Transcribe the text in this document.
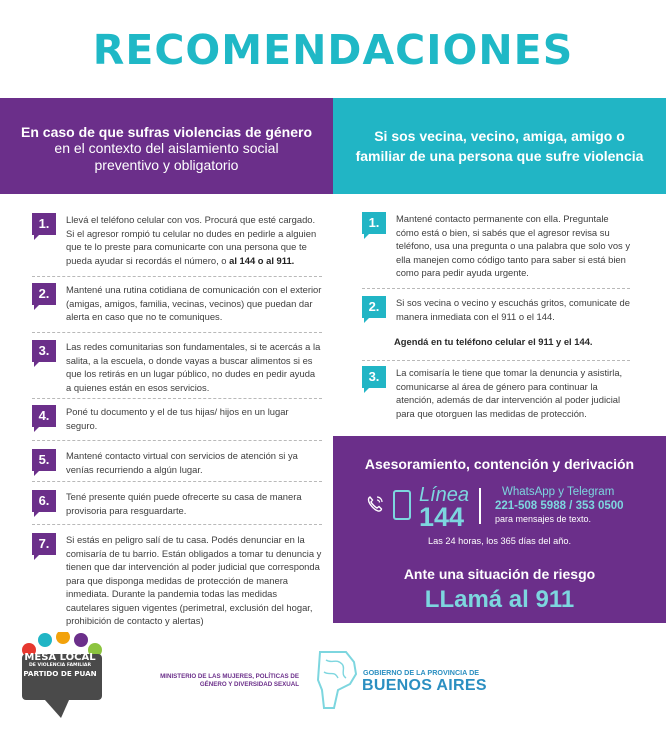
RECOMENDACIONES
En caso de que sufras violencias de género
en el contexto del aislamiento social preventivo y obligatorio
Si sos vecina, vecino, amiga, amigo o familiar de una persona que sufre violencia
1.	Llevá el teléfono celular con vos. Procurá que esté cargado. Si el agresor rompió tu celular no dudes en pedirle a alguien que te lo preste para comunicarte con una persona que te pueda ayudar si recordás el número, o al 144 o al 911.
2.	Mantené una rutina cotidiana de comunicación con el exterior (amigas, amigos, familia, vecinas, vecinos) que puedan dar alerta en caso que no te comuniques.
3.	Las redes comunitarias son fundamentales, si te acercás a la salita, a la escuela, o donde vayas a buscar alimentos si es que los retirás en un lugar público, no dudes en pedir ayuda a quienes están en esos servicios.
4.	Poné tu documento y el de tus hijas/ hijos en un lugar seguro.
5.	Mantené contacto virtual con servicios de atención si ya venías recurriendo a algún lugar.
6.	Tené presente quién puede ofrecerte su casa de manera provisoria para resguardarte.
7.	Si estás en peligro salí de tu casa. Podés denunciar en la comisaría de tu barrio. Están obligados a tomar tu denuncia y tienen que dar intervención al poder judicial que corresponda para que disponga medidas de protección de manera inmediata. Durante la pandemia todas las medidas cautelares siguen vigentes (perimetral, exclusión del hogar, prohibición de contacto y alertas)
1.	Mantené contacto permanente con ella. Preguntale cómo está o bien, si sabés que el agresor revisa su teléfono, usa una pregunta o una palabra que solo vos y ella manejen como código tanto para saber si está bien como para pedir ayuda urgente.
2.	Si sos vecina o vecino y escuchás gritos, comunicate de manera inmediata con el 911 o el 144.
Agendá en tu teléfono celular el 911 y el 144.
3.	La comisaría le tiene que tomar la denuncia y asistirla, comunicarse al área de género para continuar la atención, además de dar intervención al poder judicial para que otorguen las medidas de protección.
Asesoramiento, contención y derivación
Línea
144
WhatsApp y Telegram
221-508 5988 / 353 0500
para mensajes de texto.
Las 24 horas, los 365 días del año.
Ante una situación de riesgo
LLamá al 911
MESA LOCAL
DE VIOLENCIA FAMILIAR
PARTIDO DE PUAN	MINISTERIO DE LAS MUJERES, POLÍTICAS DE GÉNERO Y DIVERSIDAD SEXUAL
GOBIERNO DE LA PROVINCIA DE
BUENOS AIRES
